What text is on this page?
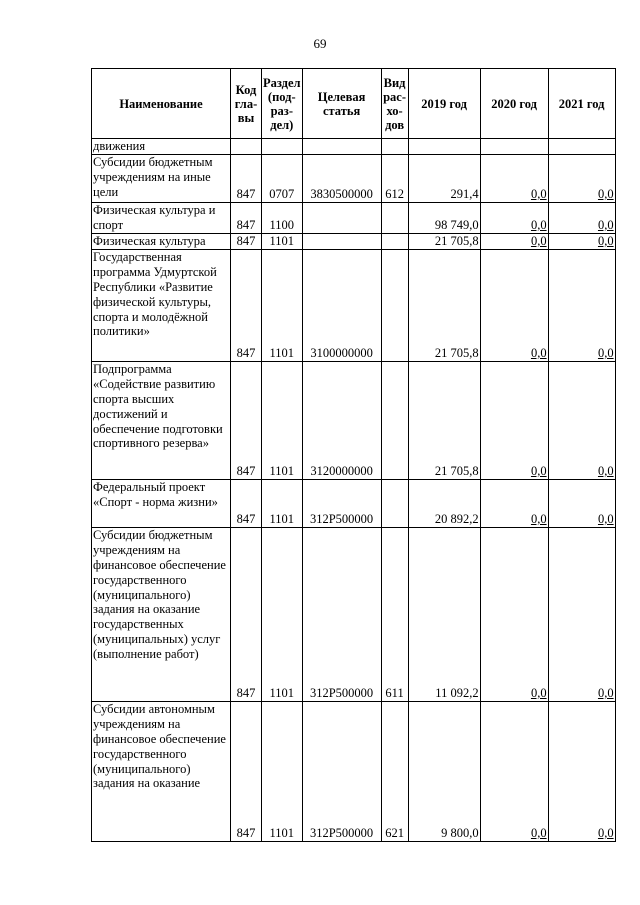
69
Наименование	Код гла-вы	Раздел (под-раз-дел)	Целевая статья	Вид рас-хо-дов	2019 год	2020 год	2021 год
движения							
Субсидии бюджетным учреждениям на иные цели	847	0707	3830500000	612	291,4	0,0	0,0
Физическая культура и спорт	847	1100			98 749,0	0,0	0,0
Физическая культура	847	1101			21 705,8	0,0	0,0
Государственная программа Удмуртской Республики «Развитие физической культуры, спорта и молодёжной политики»	847	1101	3100000000		21 705,8	0,0	0,0
Подпрограмма «Содействие развитию спорта высших достижений и обеспечение подготовки спортивного резерва»	847	1101	3120000000		21 705,8	0,0	0,0
Федеральный проект «Спорт - норма жизни»	847	1101	312P500000		20 892,2	0,0	0,0
Субсидии бюджетным учреждениям на финансовое обеспечение государственного (муниципального) задания на оказание государственных (муниципальных) услуг (выполнение работ)	847	1101	312P500000	611	11 092,2	0,0	0,0
Субсидии автономным учреждениям на финансовое обеспечение государственного (муниципального) задания на оказание	847	1101	312P500000	621	9 800,0	0,0	0,0
